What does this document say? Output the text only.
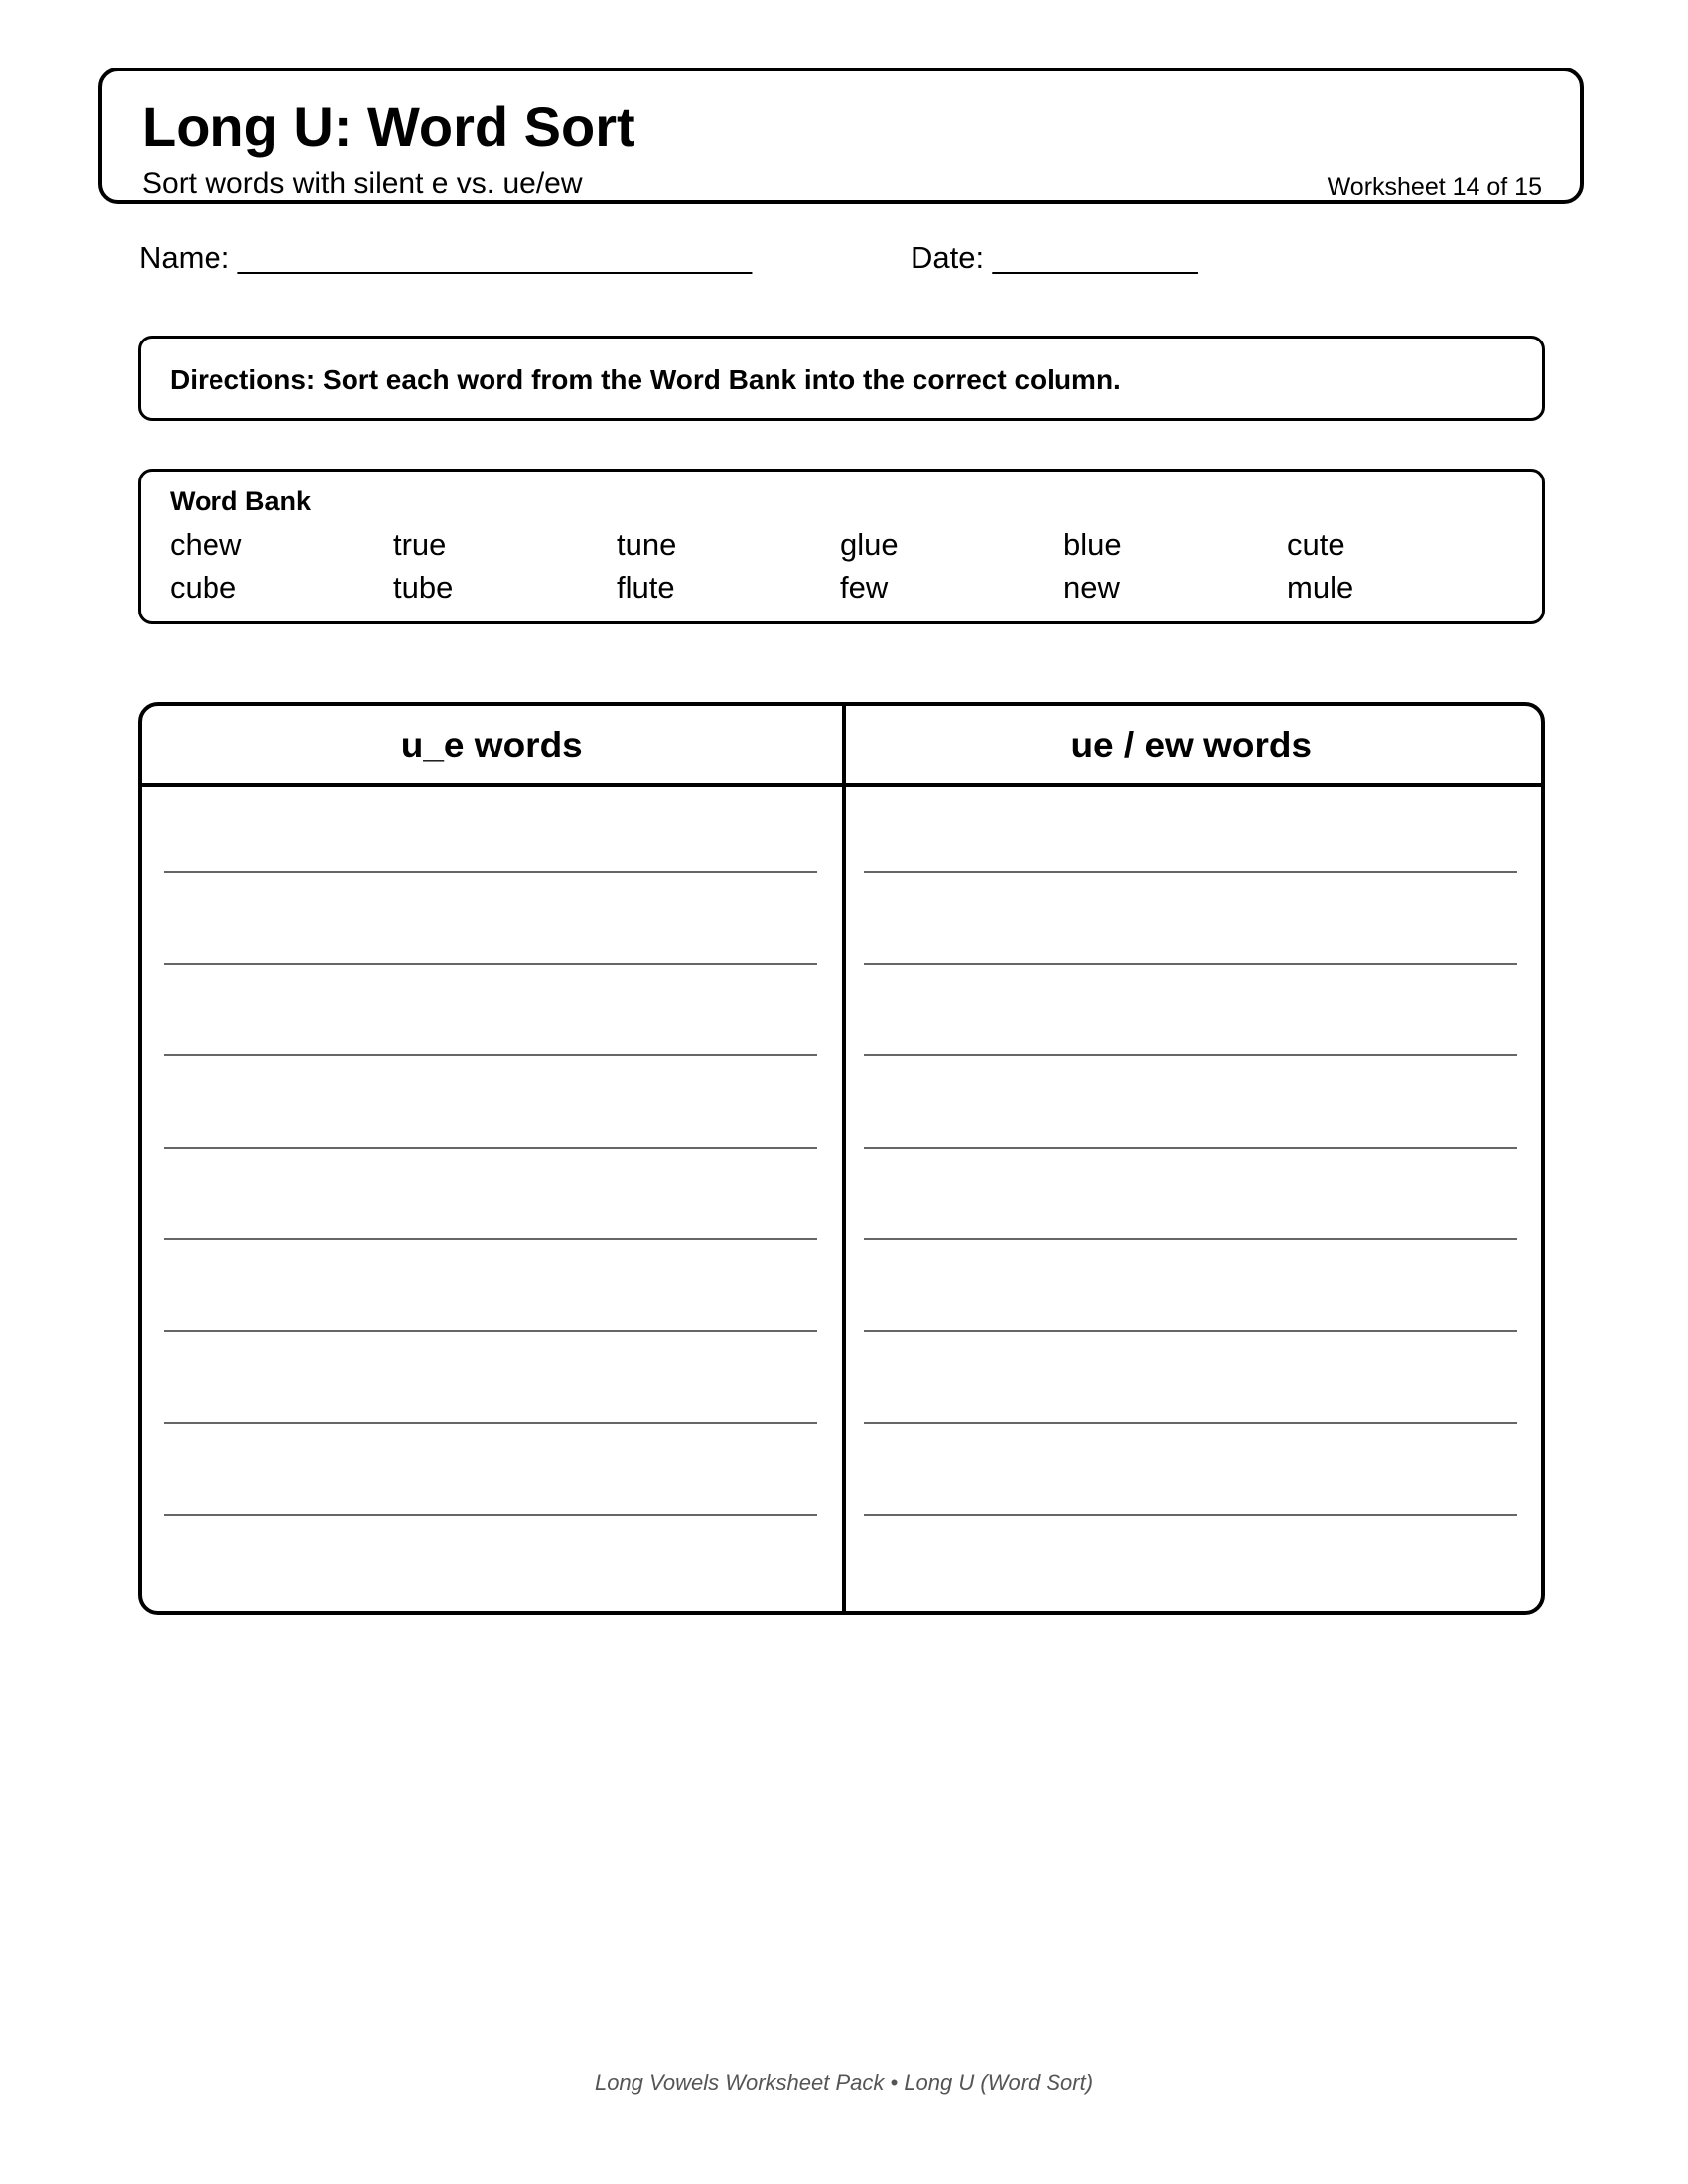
Long U: Word Sort
Sort words with silent e vs. ue/ew	Worksheet 14 of 15
Name: ______________________________	Date: ____________
Directions: Sort each word from the Word Bank into the correct column.
Word Bank
chew	true	tune	glue	blue	cute
cube	tube	flute	few	new	mule
u_e words	ue / ew words
Long Vowels Worksheet Pack • Long U (Word Sort)
